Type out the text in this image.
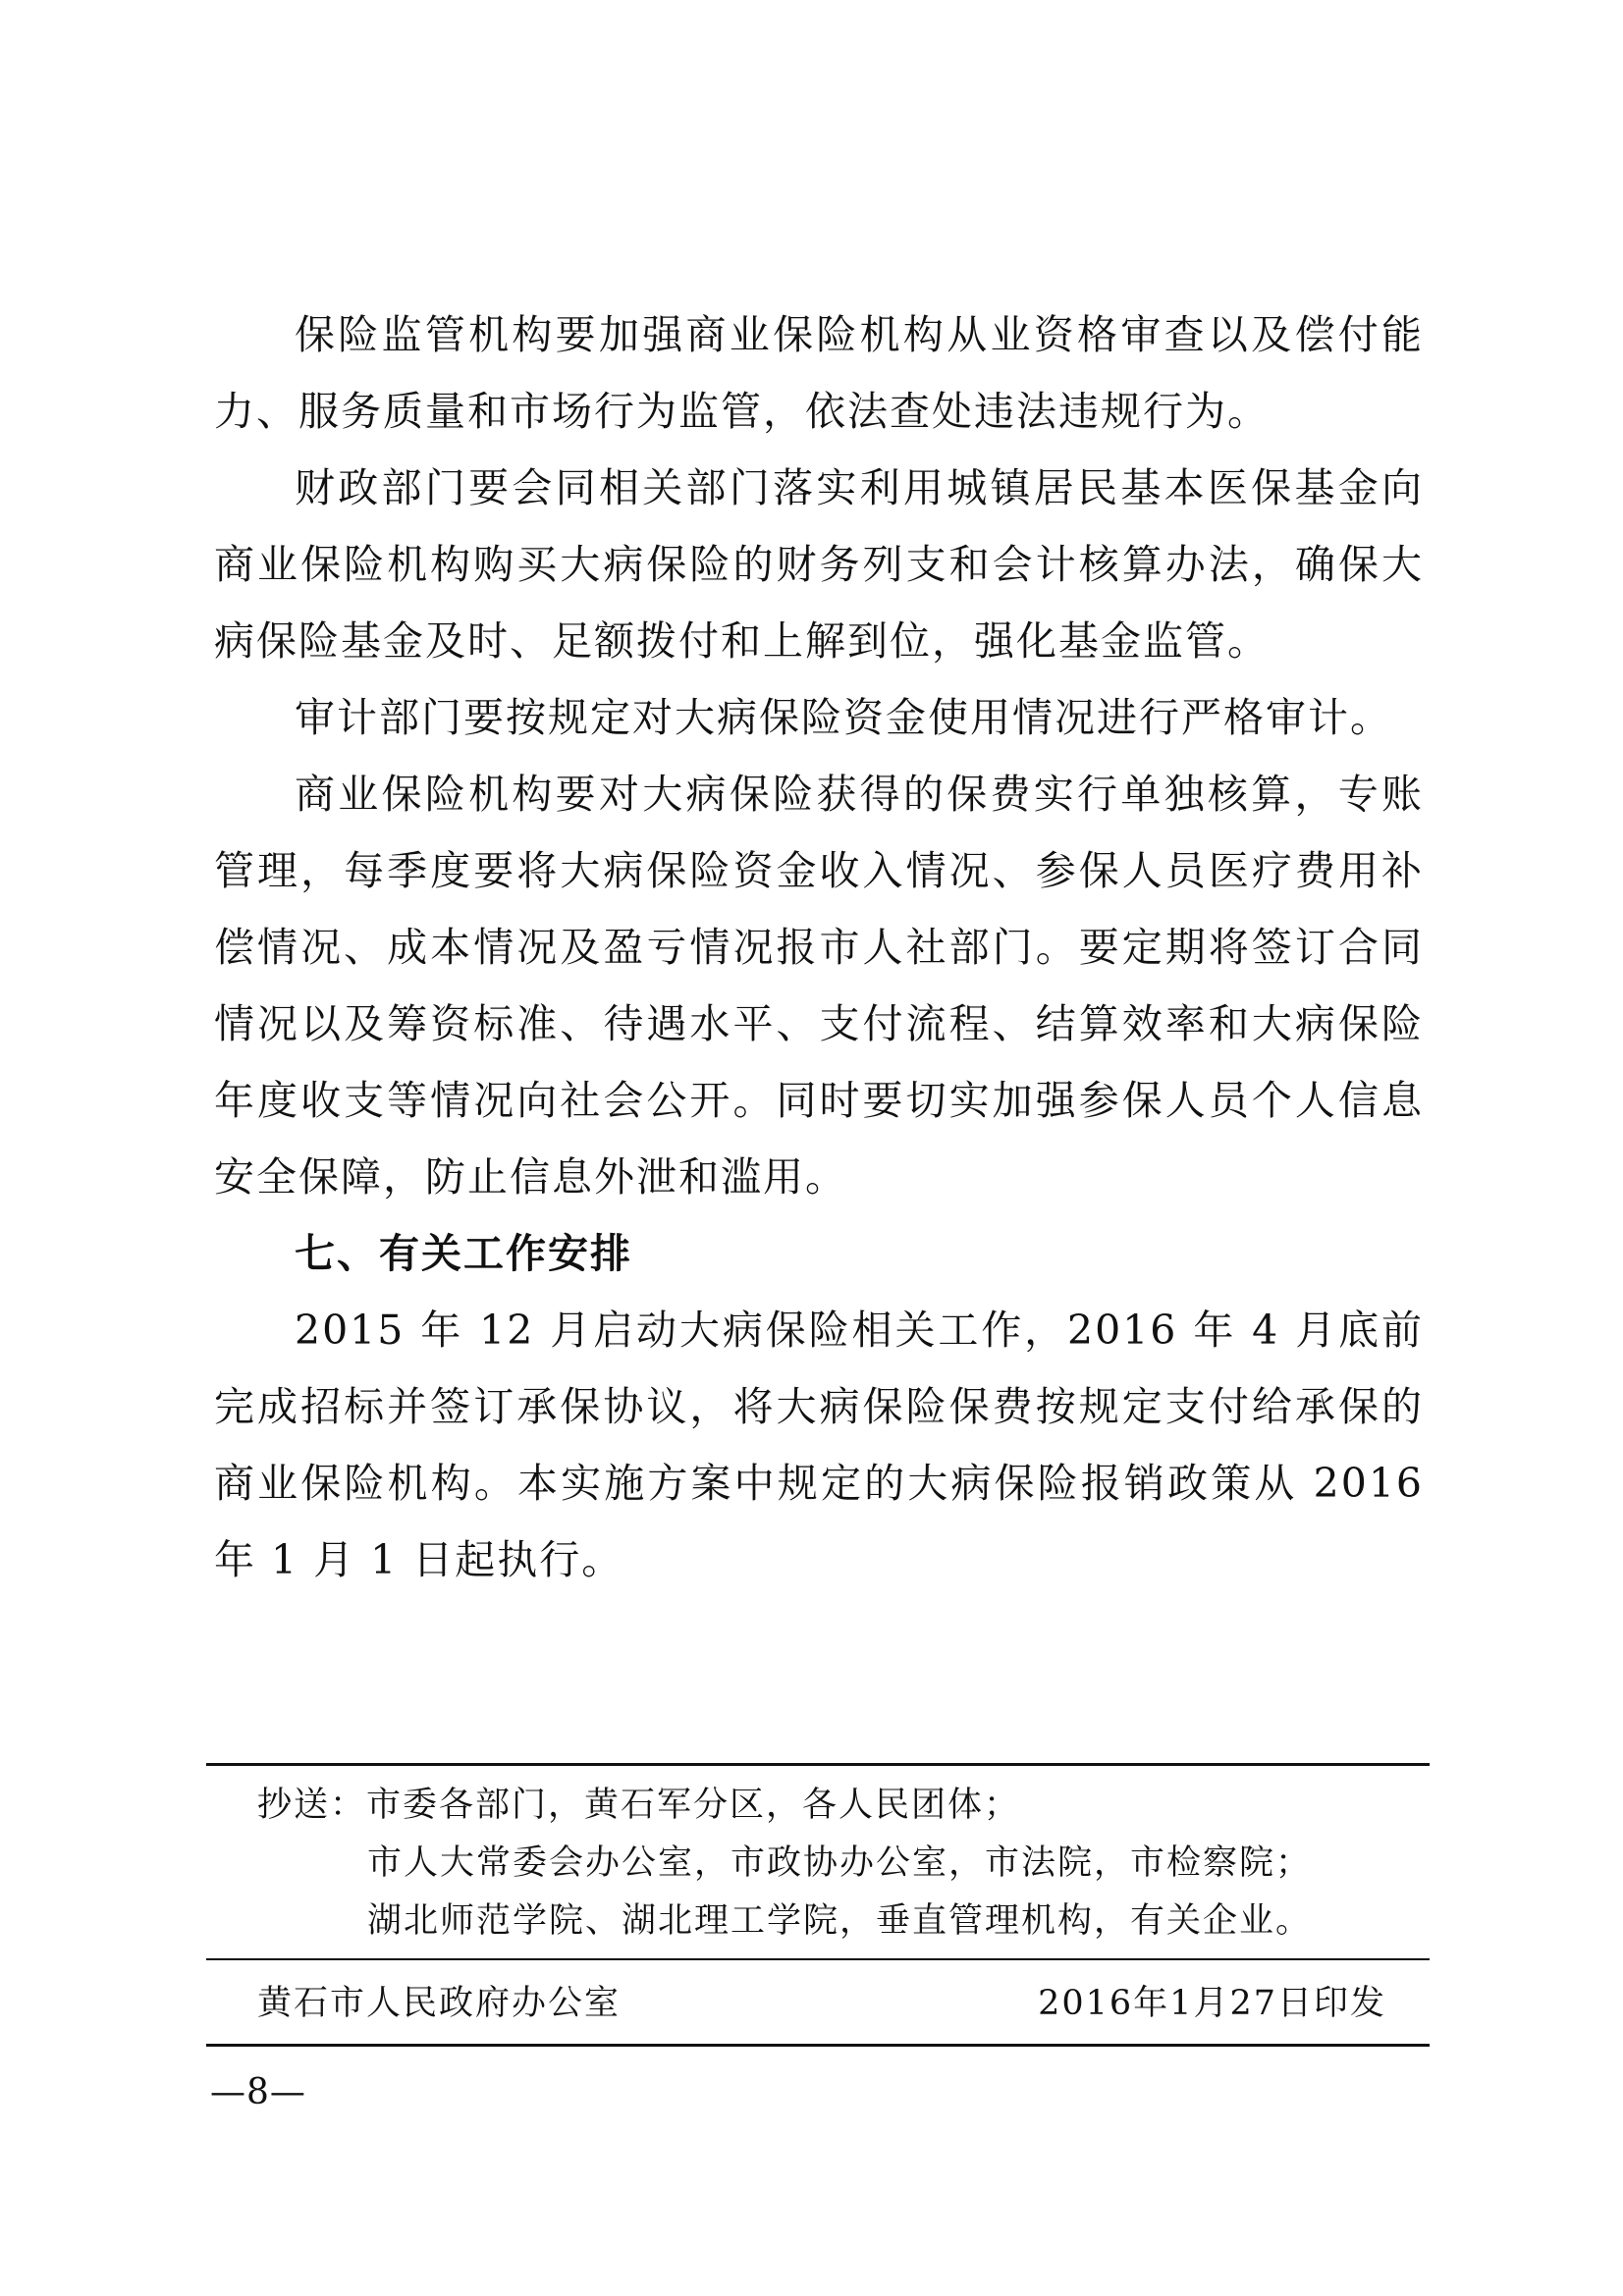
保险监管机构要加强商业保险机构从业资格审查以及偿付能力、服务质量和市场行为监管，依法查处违法违规行为。

财政部门要会同相关部门落实利用城镇居民基本医保基金向商业保险机构购买大病保险的财务列支和会计核算办法，确保大病保险基金及时、足额拨付和上解到位，强化基金监管。

审计部门要按规定对大病保险资金使用情况进行严格审计。

商业保险机构要对大病保险获得的保费实行单独核算，专账管理，每季度要将大病保险资金收入情况、参保人员医疗费用补偿情况、成本情况及盈亏情况报市人社部门。要定期将签订合同情况以及筹资标准、待遇水平、支付流程、结算效率和大病保险年度收支等情况向社会公开。同时要切实加强参保人员个人信息安全保障，防止信息外泄和滥用。

七、有关工作安排

2015 年 12 月启动大病保险相关工作，2016 年 4 月底前完成招标并签订承保协议，将大病保险保费按规定支付给承保的商业保险机构。本实施方案中规定的大病保险报销政策从 2016 年 1 月 1 日起执行。

抄送：市委各部门，黄石军分区，各人民团体；
市人大常委会办公室，市政协办公室，市法院，市检察院；
湖北师范学院、湖北理工学院，垂直管理机构，有关企业。
黄石市人民政府办公室	2016年1月27日印发
—8—
